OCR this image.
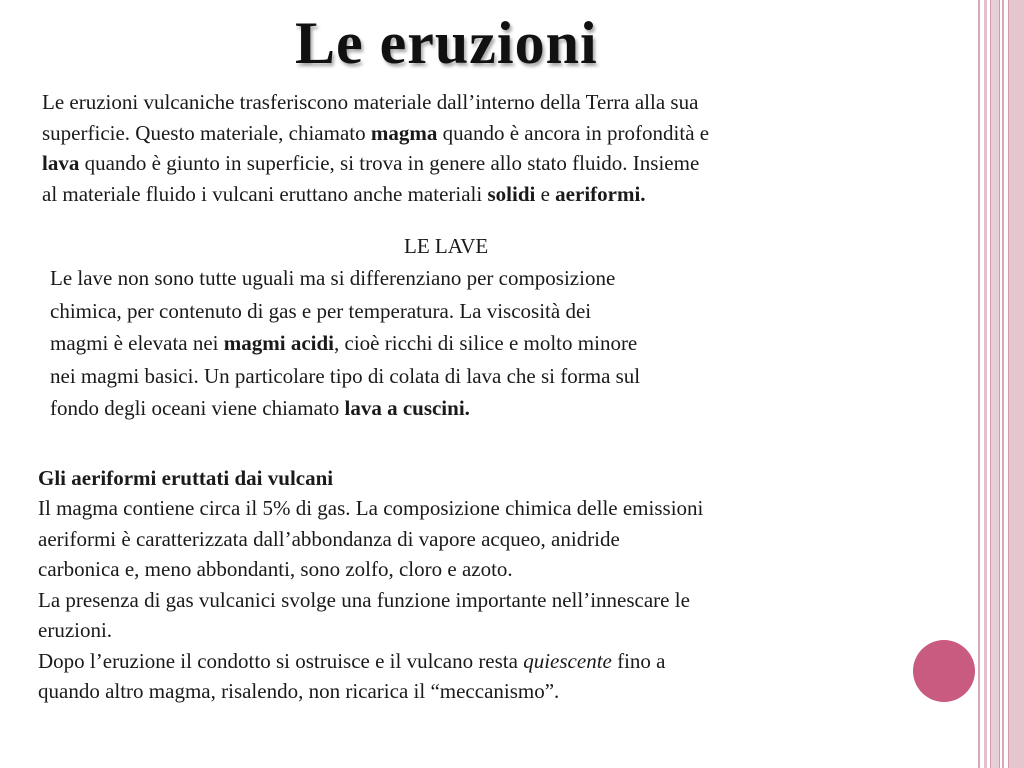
Le eruzioni

Le eruzioni vulcaniche trasferiscono materiale dall’interno della Terra alla sua
superficie. Questo materiale, chiamato magma quando è ancora in profondità e
lava quando è giunto in superficie, si trova in genere allo stato fluido. Insieme
al materiale fluido i vulcani eruttano anche materiali solidi e aeriformi.

LE LAVE

Le lave non sono tutte uguali ma si differenziano per composizione
chimica, per contenuto di gas e per temperatura. La viscosità dei
magmi è elevata nei magmi acidi, cioè ricchi di silice e molto minore
nei magmi basici. Un particolare tipo di colata di lava che si forma sul
fondo degli oceani viene chiamato lava a cuscini.

Gli aeriformi eruttati dai vulcani

Il magma contiene circa il 5% di gas. La composizione chimica delle emissioni
aeriformi è caratterizzata dall’abbondanza di vapore acqueo, anidride
carbonica e, meno abbondanti, sono zolfo, cloro e azoto.
La presenza di gas vulcanici svolge una funzione importante nell’innescare le
eruzioni.
Dopo l’eruzione il condotto si ostruisce e il vulcano resta quiescente fino a
quando altro magma, risalendo, non ricarica il “meccanismo”.
